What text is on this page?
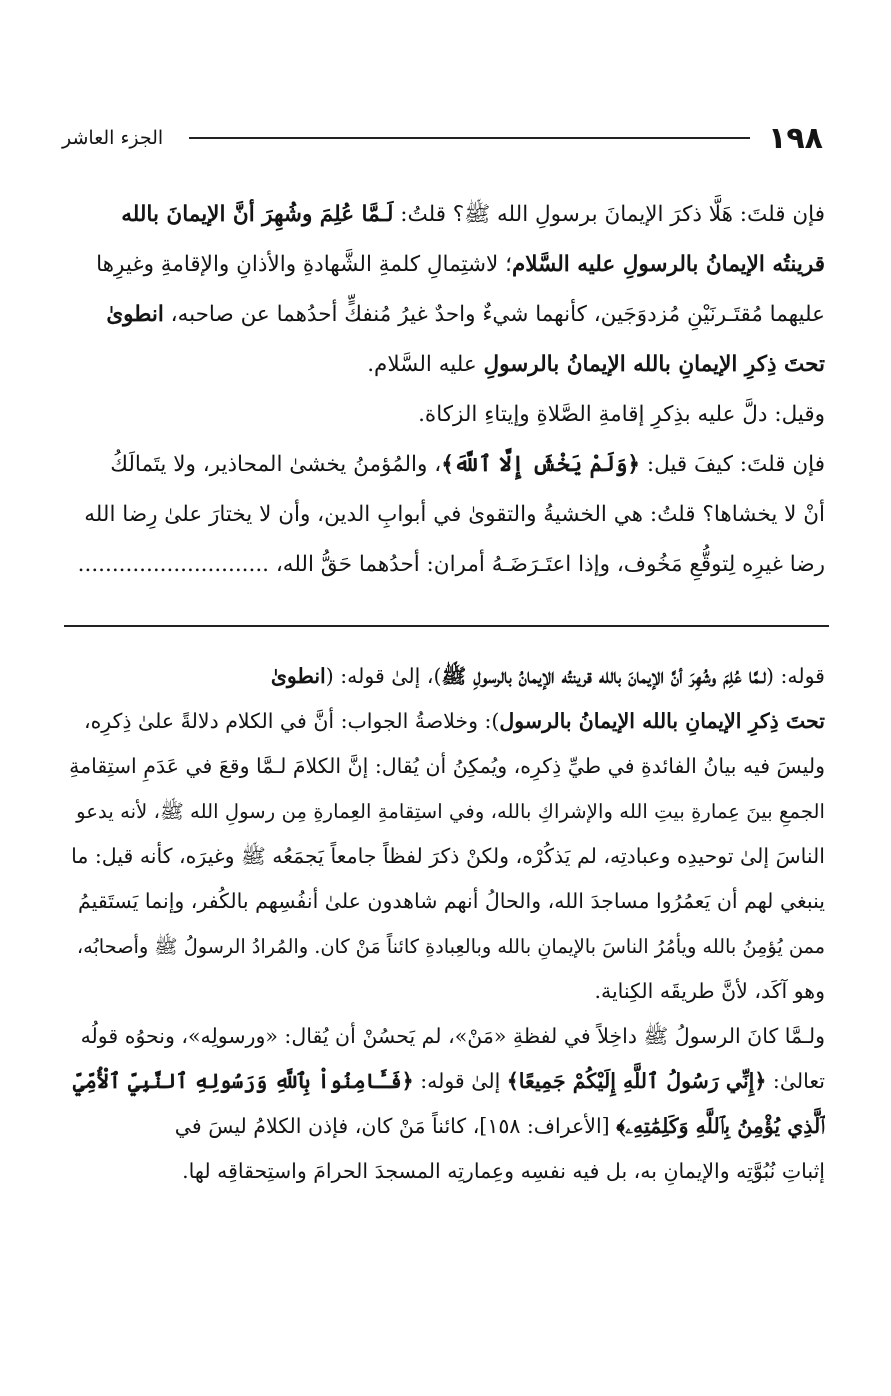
١٩٨
الجزء العاشر
فإن قلتَ: هَلَّا ذكرَ الإيمانَ برسولِ الله ﷺ؟ قلتُ: لَـمَّا عُلِمَ وشُهِرَ أنَّ الإيمانَ بالله
قرينتُه الإيمانُ بالرسولِ عليه السَّلام؛ لاشتِمالِ كلمةِ الشَّهادةِ والأذانِ والإقامةِ وغيرِها
عليهما مُقتَـرنَيْنِ مُزدوَجَين، كأنهما شيءٌ واحدٌ غيرُ مُنفكٍّ أحدُهما عن صاحبه، انطوىٰ
تحتَ ذِكرِ الإيمانِ بالله الإيمانُ بالرسولِ عليه السَّلام.
وقيل: دلَّ عليه بذِكرِ إقامةِ الصَّلاةِ وإيتاءِ الزكاة.
فإن قلتَ: كيفَ قيل: ﴿وَلَمْ يَخْشَ إِلَّا ٱللَّهَ﴾، والمُؤمنُ يخشىٰ المحاذير، ولا يتَمالَكُ
أنْ لا يخشاها؟ قلتُ: هي الخشيةُ والتقوىٰ في أبوابِ الدين، وأن لا يختارَ علىٰ رِضا الله
رضا غيرِه لِتوقُّعِ مَخُوف، وإذا اعتَـرَضَـهُ أمران: أحدُهما حَقُّ الله، ............................
قوله: (لـمَّا عُلِمَ وشُهِرَ أنَّ الإيمانَ بالله قرينتُه الإيمانُ بالرسولِ ﷺ)، إلىٰ قوله: (انطوىٰ
تحتَ ذِكرِ الإيمانِ بالله الإيمانُ بالرسول): وخلاصةُ الجواب: أنَّ في الكلام دلالةً علىٰ ذِكرِه،
وليسَ فيه بيانُ الفائدةِ في طيِّ ذِكرِه، ويُمكِنُ أن يُقال: إنَّ الكلامَ لـمَّا وقعَ في عَدَمِ استِقامةِ
الجمعِ بينَ عِمارةِ بيتِ الله والإشراكِ بالله، وفي استِقامةِ العِمارةِ مِن رسولِ الله ﷺ، لأنه يدعو
الناسَ إلىٰ توحيدِه وعبادتِه، لم يَذكُرْه، ولكنْ ذكرَ لفظاً جامعاً يَجمَعُه ﷺ وغيرَه، كأنه قيل: ما
ينبغي لهم أن يَعمُرُوا مساجدَ الله، والحالُ أنهم شاهدون علىٰ أنفُسِهم بالكُفر، وإنما يَستَقيمُ
ممن يُؤمِنُ بالله ويأمُرُ الناسَ بالإيمانِ بالله وبالعِبادةِ كائناً مَنْ كان. والمُرادُ الرسولُ ﷺ وأصحابُه،
وهو آكَد، لأنَّ طريقَه الكِناية.
ولـمَّا كانَ الرسولُ ﷺ داخِلاً في لفظةِ «مَنْ»، لم يَحسُنْ أن يُقال: «ورسولِه»، ونحوُه قولُه
تعالىٰ: ﴿إِنِّي رَسُولُ ٱللَّهِ إِلَيْكُمْ جَمِيعًا﴾ إلىٰ قوله: ﴿فَـَٔامِنُواْ بِٱللَّهِ وَرَسُولِهِ ٱلنَّبِيِّ ٱلْأُمِّيِّ
ٱلَّذِي يُؤْمِنُ بِٱللَّهِ وَكَلِمَٰتِهِۦ﴾ [الأعراف: ١٥٨]، كائناً مَنْ كان، فإذن الكلامُ ليسَ في
إثباتِ نُبُوَّتِه والإيمانِ به، بل فيه نفسِه وعِمارتِه المسجدَ الحرامَ واستِحقاقِه لها.
